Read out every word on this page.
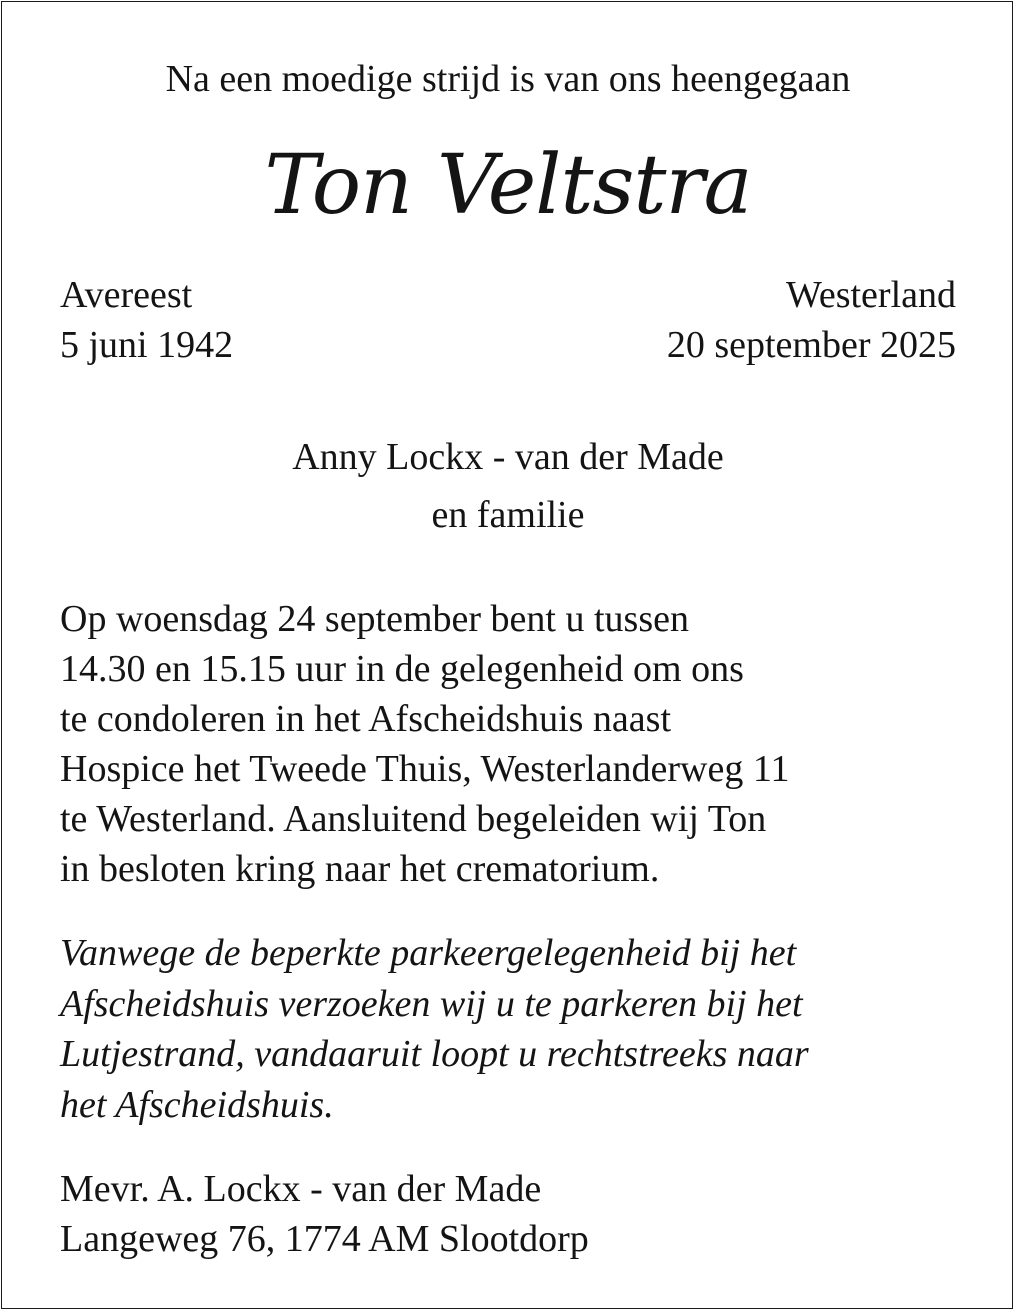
Na een moedige strijd is van ons heengegaan
Ton Veltstra
Avereest
5 juni 1942
Westerland
20 september 2025
Anny Lockx - van der Made
en familie
Op woensdag 24 september bent u tussen
14.30 en 15.15 uur in de gelegenheid om ons
te condoleren in het Afscheidshuis naast
Hospice het Tweede Thuis, Westerlanderweg 11
te Westerland. Aansluitend begeleiden wij Ton
in besloten kring naar het crematorium.
Vanwege de beperkte parkeergelegenheid bij het
Afscheidshuis verzoeken wij u te parkeren bij het
Lutjestrand, vandaaruit loopt u rechtstreeks naar
het Afscheidshuis.
Mevr. A. Lockx - van der Made
Langeweg 76, 1774 AM Slootdorp
